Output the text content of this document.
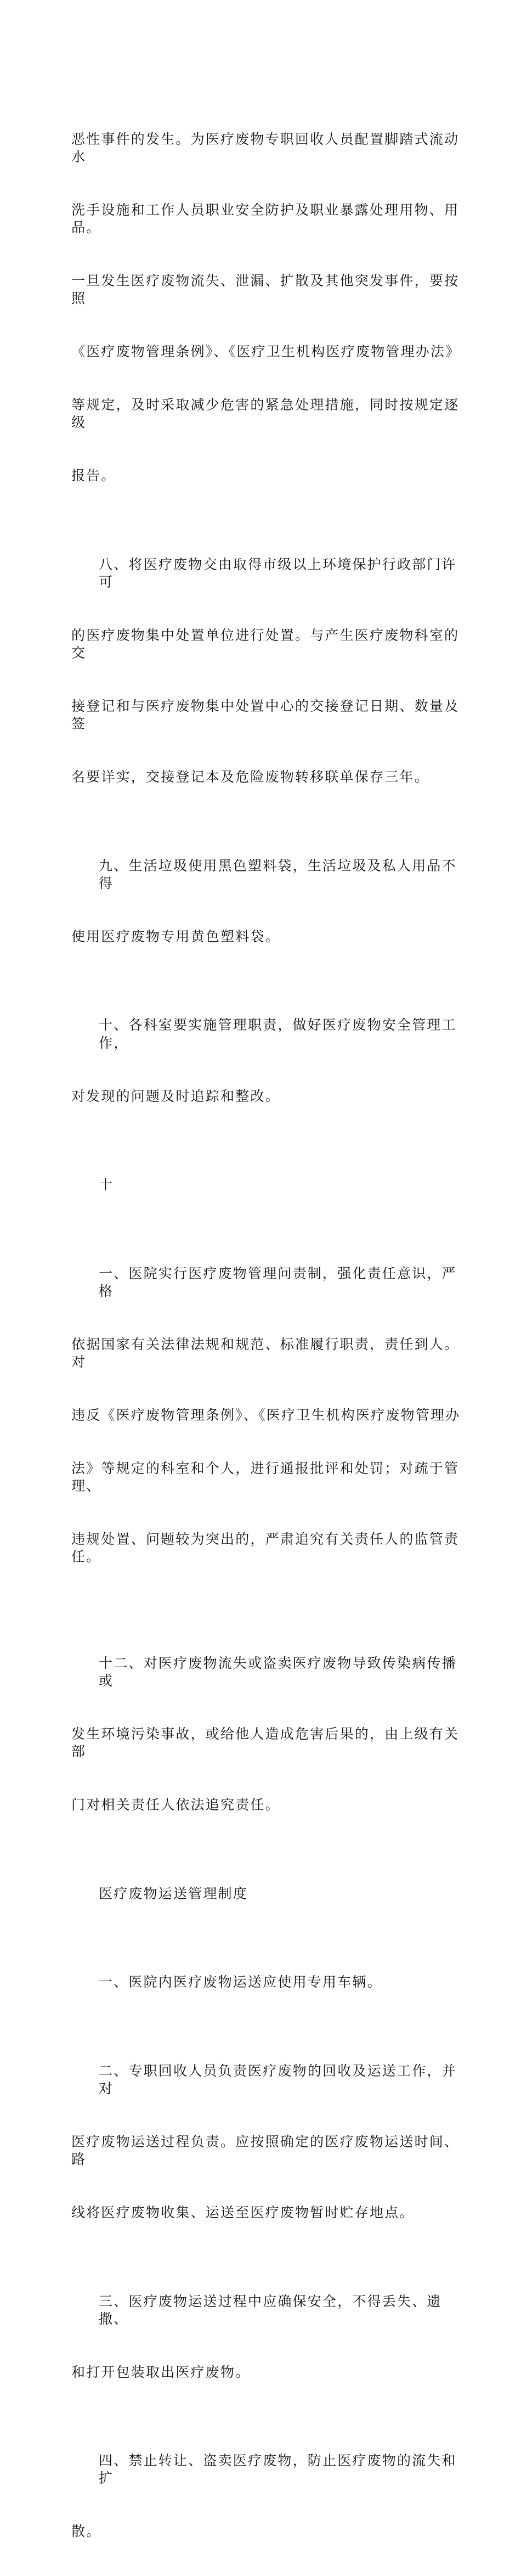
恶性事件的发生。为医疗废物专职回收人员配置脚踏式流动水

洗手设施和工作人员职业安全防护及职业暴露处理用物、用品。

一旦发生医疗废物流失、泄漏、扩散及其他突发事件，要按照

《医疗废物管理条例》、《医疗卫生机构医疗废物管理办法》

等规定，及时采取减少危害的紧急处理措施，同时按规定逐级

报告。

八、将医疗废物交由取得市级以上环境保护行政部门许可

的医疗废物集中处置单位进行处置。与产生医疗废物科室的交

接登记和与医疗废物集中处置中心的交接登记日期、数量及签

名要详实，交接登记本及危险废物转移联单保存三年。

九、生活垃圾使用黑色塑料袋，生活垃圾及私人用品不得

使用医疗废物专用黄色塑料袋。

十、各科室要实施管理职责，做好医疗废物安全管理工作，

对发现的问题及时追踪和整改。

十

一、医院实行医疗废物管理问责制，强化责任意识，严格

依据国家有关法律法规和规范、标准履行职责，责任到人。对

违反《医疗废物管理条例》、《医疗卫生机构医疗废物管理办

法》等规定的科室和个人，进行通报批评和处罚；对疏于管理、

违规处置、问题较为突出的，严肃追究有关责任人的监管责任。

十二、对医疗废物流失或盗卖医疗废物导致传染病传播或

发生环境污染事故，或给他人造成危害后果的，由上级有关部

门对相关责任人依法追究责任。

医疗废物运送管理制度

一、医院内医疗废物运送应使用专用车辆。

二、专职回收人员负责医疗废物的回收及运送工作，并对

医疗废物运送过程负责。应按照确定的医疗废物运送时间、路

线将医疗废物收集、运送至医疗废物暂时贮存地点。

三、医疗废物运送过程中应确保安全，不得丢失、遗撒、

和打开包装取出医疗废物。

四、禁止转让、盗卖医疗废物，防止医疗废物的流失和扩

散。
